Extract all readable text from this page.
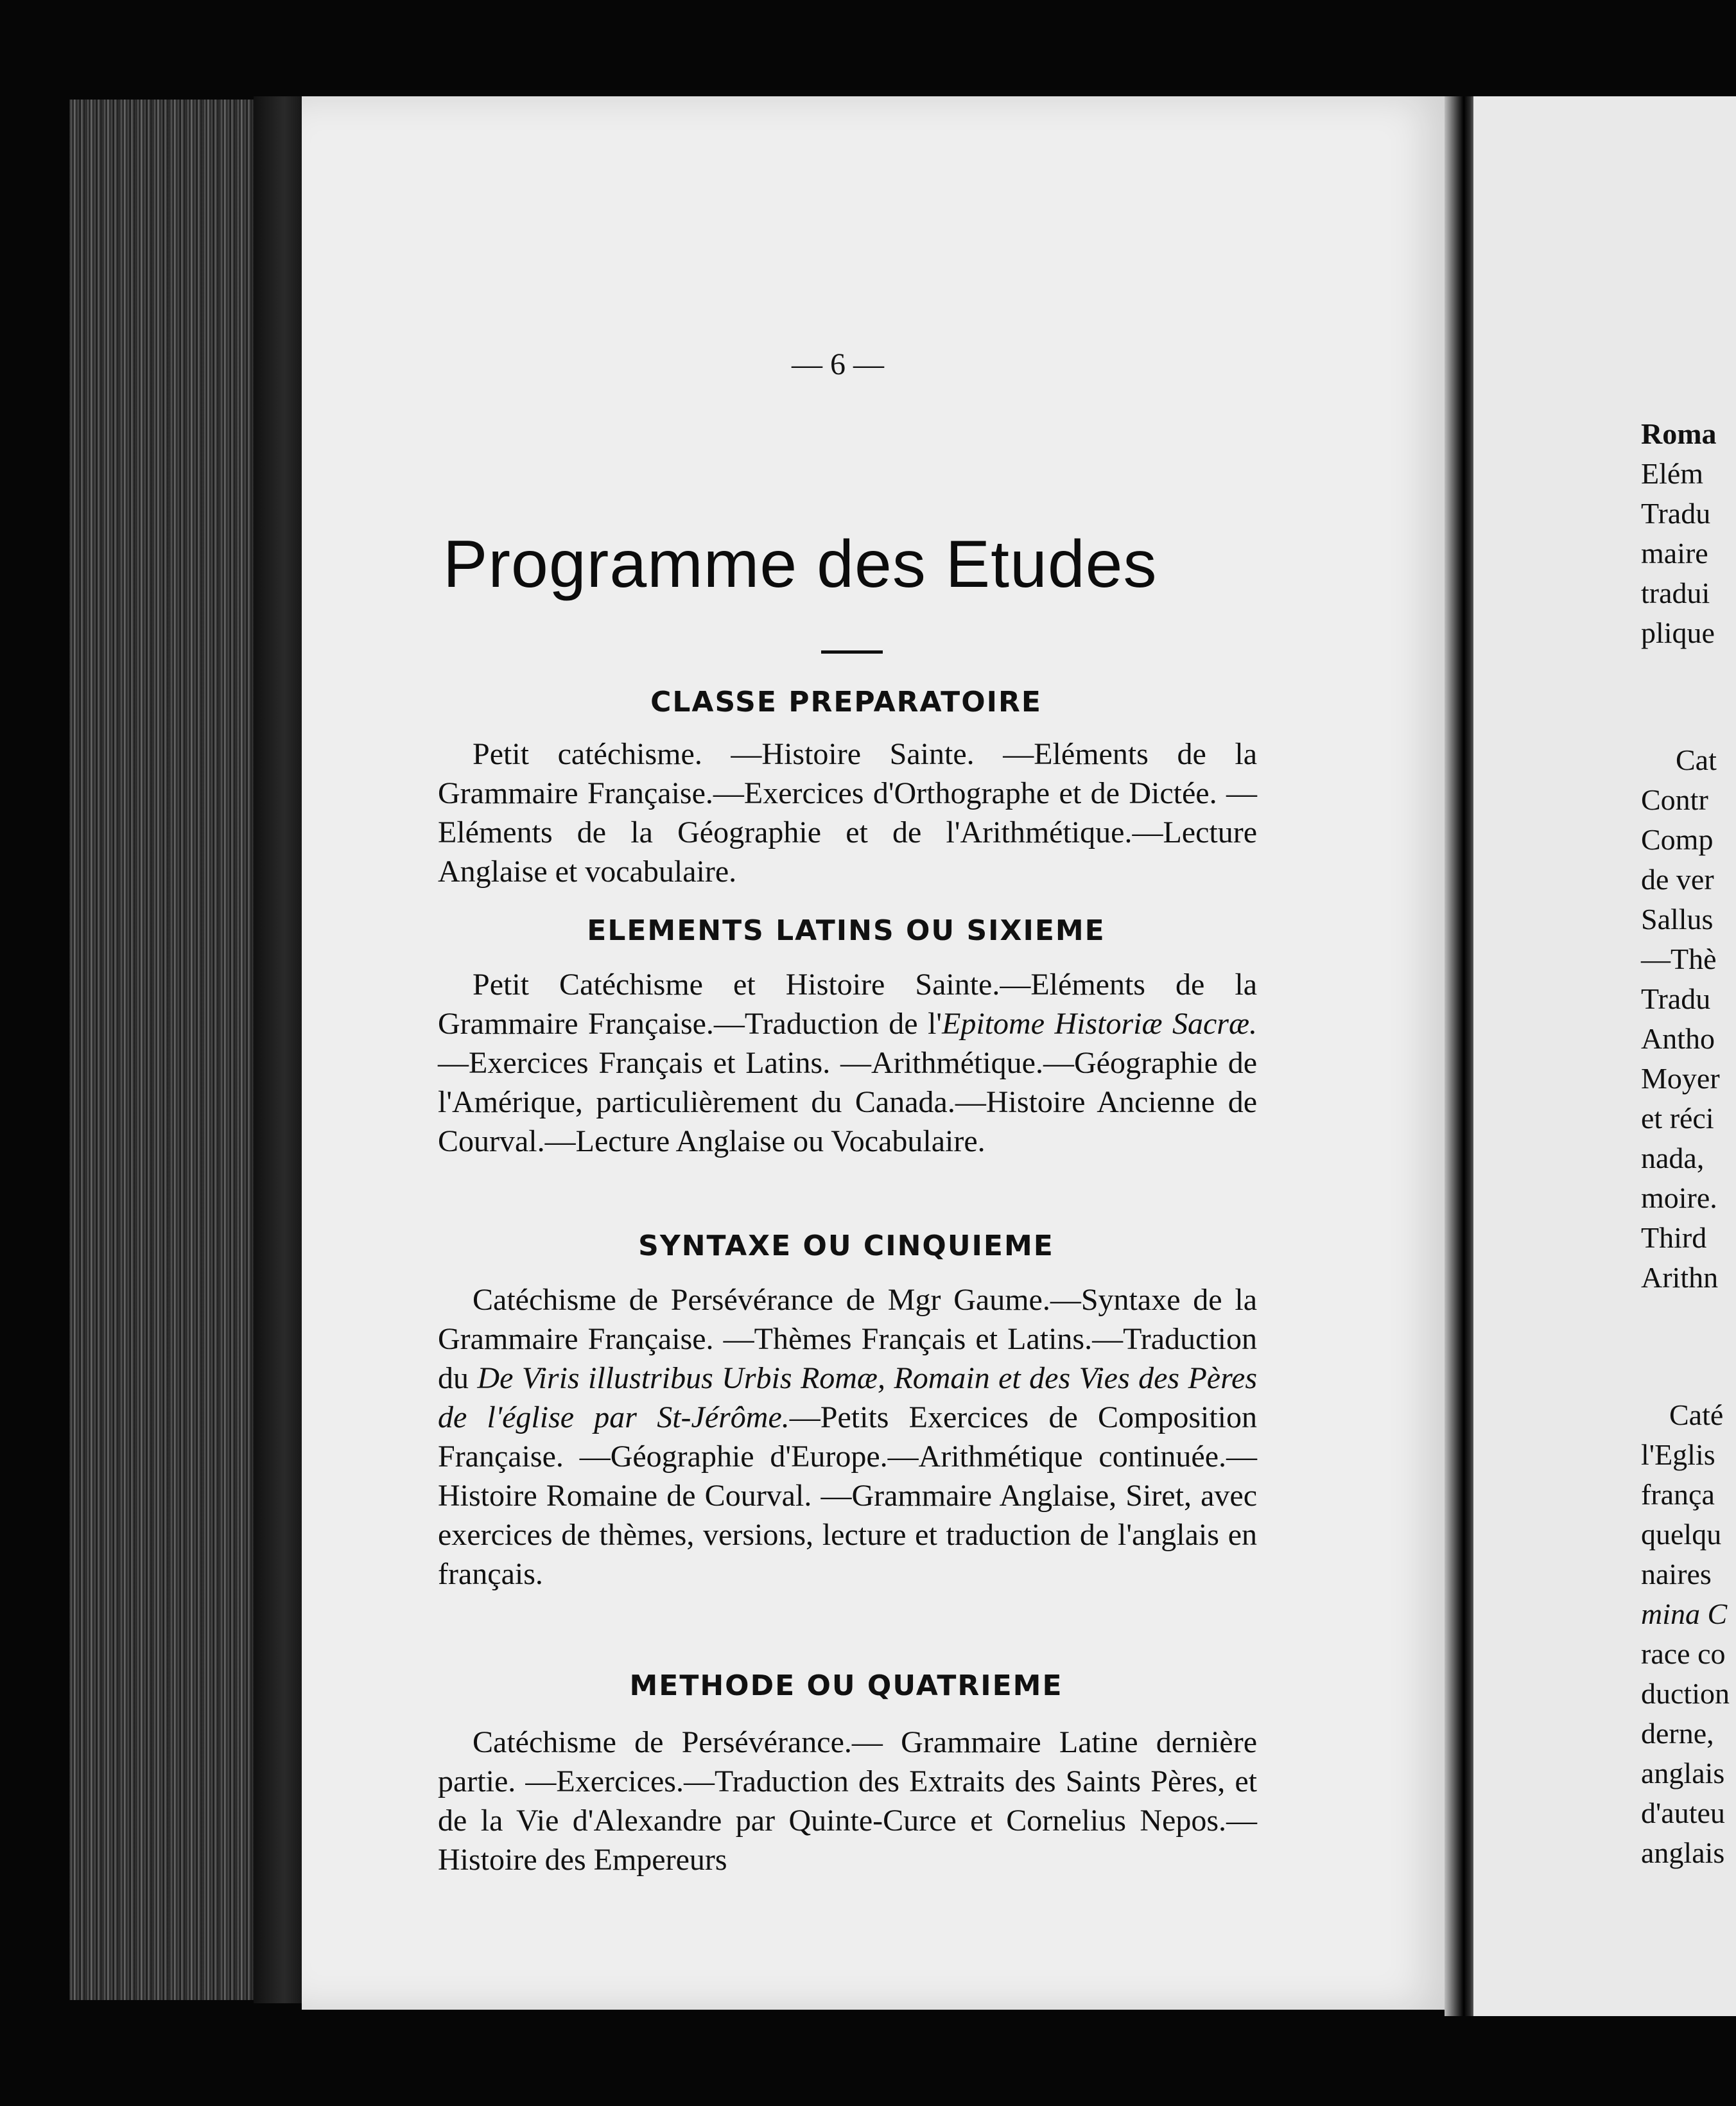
— 6 —
Programme des Etudes
CLASSE PREPARATOIRE
Petit catéchisme. —Histoire Sainte. —Eléments de la Grammaire Française.—Exercices d'Orthographe et de Dictée. —Eléments de la Géographie et de l'Arithmétique.—Lecture Anglaise et vocabulaire.
ELEMENTS LATINS OU SIXIEME
Petit Catéchisme et Histoire Sainte.—Eléments de la Grammaire Française.—Traduction de l'Epitome Historiæ Sacræ. —Exercices Français et Latins. —Arithmétique.—Géographie de l'Amérique, particulièrement du Canada.—Histoire Ancienne de Courval.—Lecture Anglaise ou Vocabulaire.
SYNTAXE OU CINQUIEME
Catéchisme de Persévérance de Mgr Gaume.—Syntaxe de la Grammaire Française. —Thèmes Français et Latins.—Traduction du De Viris illustribus Urbis Romæ, Romain et des Vies des Pères de l'église par St-Jérôme.—Petits Exercices de Composition Française. —Géographie d'Europe.—Arithmétique continuée.— Histoire Romaine de Courval. —Grammaire Anglaise, Siret, avec exercices de thèmes, versions, lecture et traduction de l'anglais en français.
METHODE OU QUATRIEME
Catéchisme de Persévérance.— Grammaire Latine dernière partie. —Exercices.—Traduction des Extraits des Saints Pères, et de la Vie d'Alexandre par Quinte-Curce et Cornelius Nepos.—Histoire des Empereurs
Roma
Elém
Tradu
maire
tradui
plique
Cat
Contr
Comp
de ver
Sallus
—Thè
Tradu
Antho
Moyer
et réci
nada,
moire.
Third
Arithn
Caté
l'Eglis
frança
quelqu
naires
mina C
race co
duction
derne,
anglais
d'auteu
anglais
